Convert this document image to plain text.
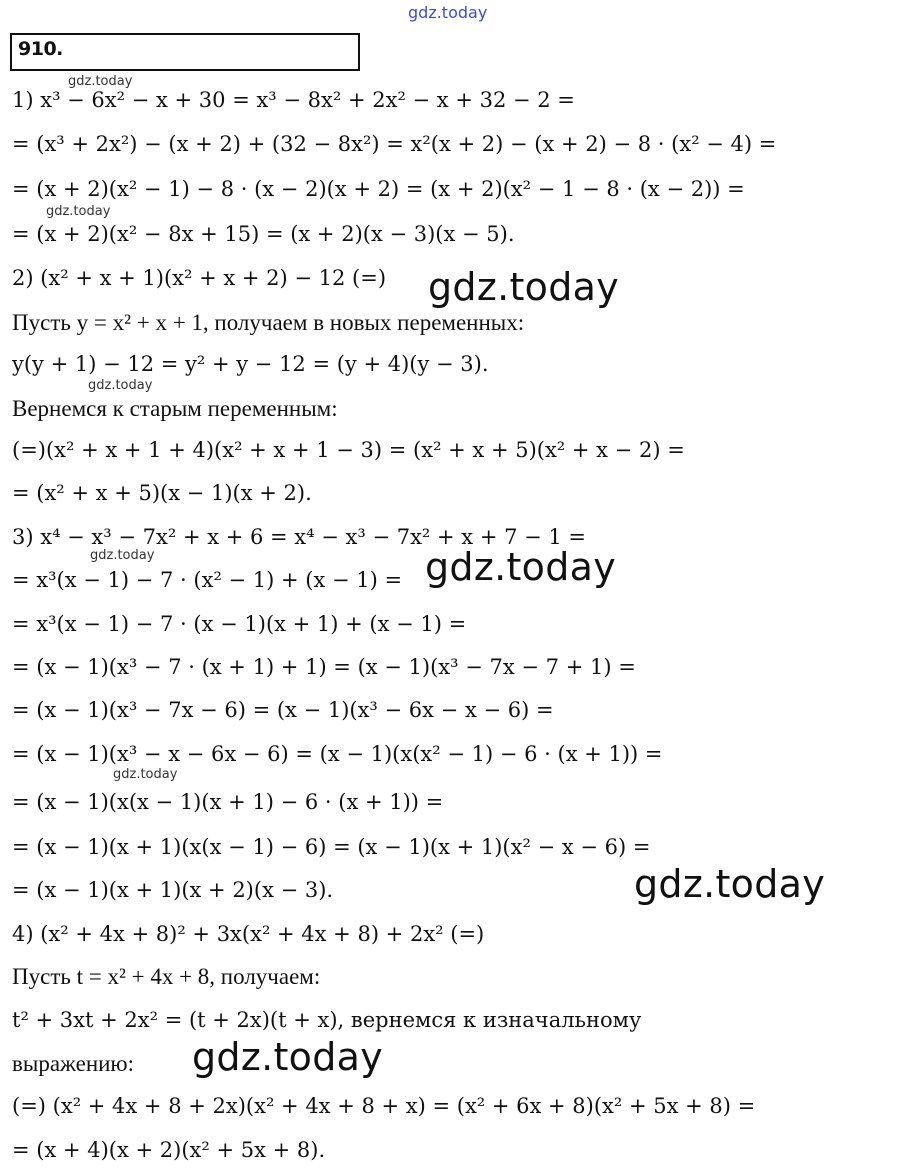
gdz.today
910.
1) x³ − 6x² − x + 30 = x³ − 8x² + 2x² − x + 32 − 2 =
= (x³ + 2x²) − (x + 2) + (32 − 8x²) = x²(x + 2) − (x + 2) − 8 · (x² − 4) =
= (x + 2)(x² − 1) − 8 · (x − 2)(x + 2) = (x + 2)(x² − 1 − 8 · (x − 2)) =
= (x + 2)(x² − 8x + 15) = (x + 2)(x − 3)(x − 5).
2) (x² + x + 1)(x² + x + 2) − 12 (=)
Пусть y = x² + x + 1, получаем в новых переменных:
y(y + 1) − 12 = y² + y − 12 = (y + 4)(y − 3).
Вернемся к старым переменным:
(=)(x² + x + 1 + 4)(x² + x + 1 − 3) = (x² + x + 5)(x² + x − 2) =
= (x² + x + 5)(x − 1)(x + 2).
3) x⁴ − x³ − 7x² + x + 6 = x⁴ − x³ − 7x² + x + 7 − 1 =
= x³(x − 1) − 7 · (x² − 1) + (x − 1) =
= x³(x − 1) − 7 · (x − 1)(x + 1) + (x − 1) =
= (x − 1)(x³ − 7 · (x + 1) + 1) = (x − 1)(x³ − 7x − 7 + 1) =
= (x − 1)(x³ − 7x − 6) = (x − 1)(x³ − 6x − x − 6) =
= (x − 1)(x³ − x − 6x − 6) = (x − 1)(x(x² − 1) − 6 · (x + 1)) =
= (x − 1)(x(x − 1)(x + 1) − 6 · (x + 1)) =
= (x − 1)(x + 1)(x(x − 1) − 6) = (x − 1)(x + 1)(x² − x − 6) =
= (x − 1)(x + 1)(x + 2)(x − 3).
4) (x² + 4x + 8)² + 3x(x² + 4x + 8) + 2x² (=)
Пусть t = x² + 4x + 8, получаем:
t² + 3xt + 2x² = (t + 2x)(t + x), вернемся к изначальному
выражению:
(=) (x² + 4x + 8 + 2x)(x² + 4x + 8 + x) = (x² + 6x + 8)(x² + 5x + 8) =
= (x + 4)(x + 2)(x² + 5x + 8).
gdz.today
gdz.today
gdz.today
gdz.today
gdz.today
gdz.today
gdz.today
gdz.today
gdz.today
